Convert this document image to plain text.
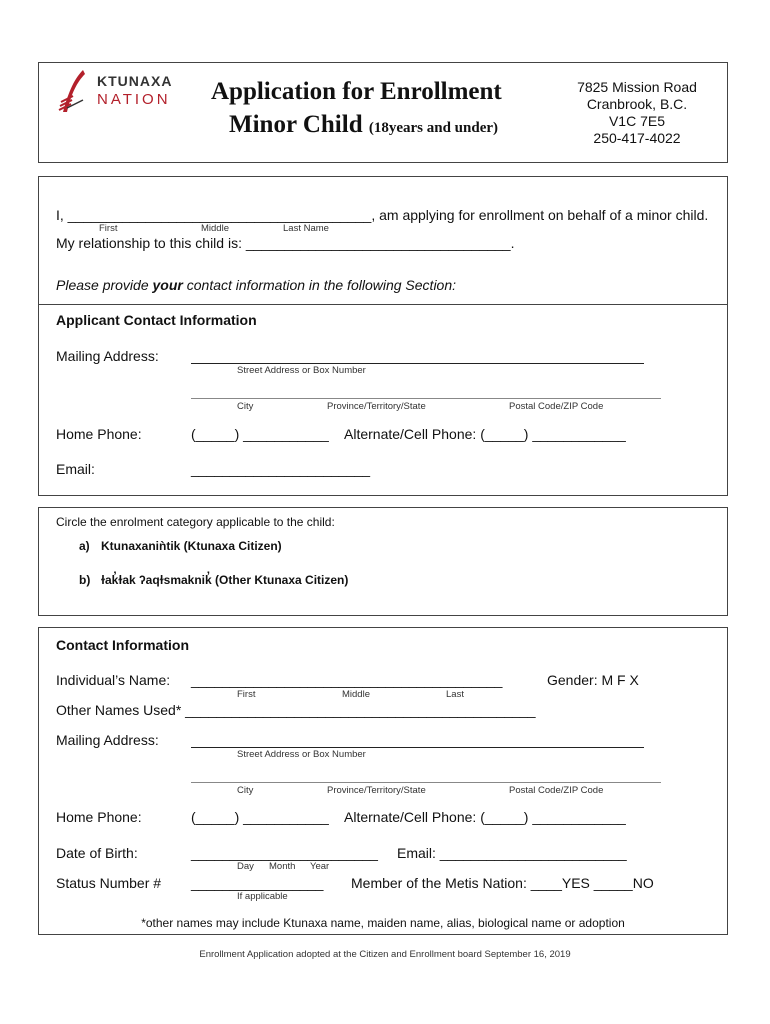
KTUNAXA
NATION Application for Enrollment
Minor Child (18years and under)
7825 Mission Road
Cranbrook, B.C.
V1C 7E5
250-417-4022
I, _______________________________________, am applying for enrollment on behalf of a minor child.
First	Middle	Last Name
My relationship to this child is: __________________________________.
Please provide your contact information in the following Section:
Applicant Contact Information
Mailing Address:
Street Address or Box Number
City	Province/Territory/State	Postal Code/ZIP Code
Home Phone:	(_____) ___________ Alternate/Cell Phone: (_____) ____________
Email:	_______________________
Circle the enrolment category applicable to the child:
a) Ktunaxaniǹtik (Ktunaxa Citizen)
b) ɫak̓ɫak ʔaqɫsmaknik̓ (Other Ktunaxa Citizen)
Contact Information
Individual’s Name: ________________________________________	Gender: M F X
First	Middle	Last
Other Names Used* _____________________________________________
Mailing Address:
Street Address or Box Number
City	Province/Territory/State	Postal Code/ZIP Code
Home Phone:	(_____) ___________ Alternate/Cell Phone: (_____) ____________
Date of Birth:	________________________ Email: ________________________
Day Month Year
Status Number # _________________ Member of the Metis Nation: ____YES _____NO
If applicable
*other names may include Ktunaxa name, maiden name, alias, biological name or adoption
Enrollment Application adopted at the Citizen and Enrollment board September 16, 2019
